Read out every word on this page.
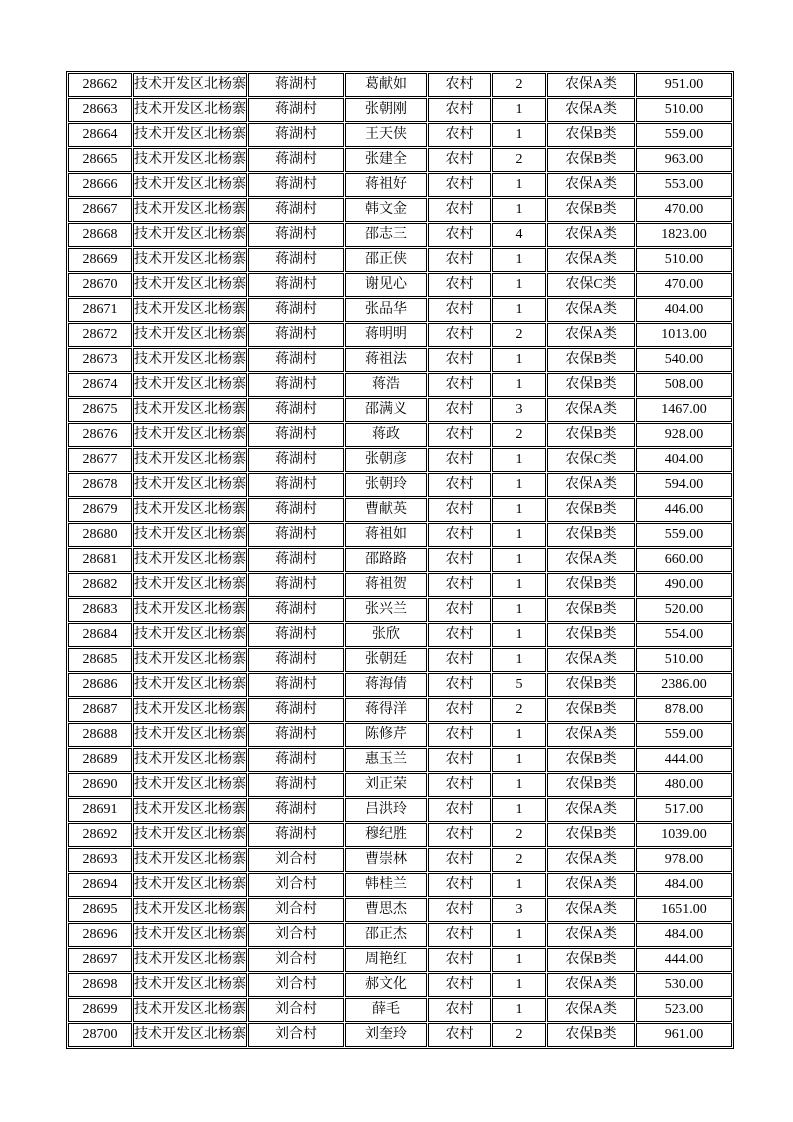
28662	技术开发区北杨寨	蒋湖村	葛献如	农村	2	农保A类	951.00
28663	技术开发区北杨寨	蒋湖村	张朝刚	农村	1	农保A类	510.00
28664	技术开发区北杨寨	蒋湖村	王天侠	农村	1	农保B类	559.00
28665	技术开发区北杨寨	蒋湖村	张建全	农村	2	农保B类	963.00
28666	技术开发区北杨寨	蒋湖村	蒋祖好	农村	1	农保A类	553.00
28667	技术开发区北杨寨	蒋湖村	韩文金	农村	1	农保B类	470.00
28668	技术开发区北杨寨	蒋湖村	邵志三	农村	4	农保A类	1823.00
28669	技术开发区北杨寨	蒋湖村	邵正侠	农村	1	农保A类	510.00
28670	技术开发区北杨寨	蒋湖村	谢见心	农村	1	农保C类	470.00
28671	技术开发区北杨寨	蒋湖村	张品华	农村	1	农保A类	404.00
28672	技术开发区北杨寨	蒋湖村	蒋明明	农村	2	农保A类	1013.00
28673	技术开发区北杨寨	蒋湖村	蒋祖法	农村	1	农保B类	540.00
28674	技术开发区北杨寨	蒋湖村	蒋浩	农村	1	农保B类	508.00
28675	技术开发区北杨寨	蒋湖村	邵满义	农村	3	农保A类	1467.00
28676	技术开发区北杨寨	蒋湖村	蒋政	农村	2	农保B类	928.00
28677	技术开发区北杨寨	蒋湖村	张朝彦	农村	1	农保C类	404.00
28678	技术开发区北杨寨	蒋湖村	张朝玲	农村	1	农保A类	594.00
28679	技术开发区北杨寨	蒋湖村	曹献英	农村	1	农保B类	446.00
28680	技术开发区北杨寨	蒋湖村	蒋祖如	农村	1	农保B类	559.00
28681	技术开发区北杨寨	蒋湖村	邵路路	农村	1	农保A类	660.00
28682	技术开发区北杨寨	蒋湖村	蒋祖贺	农村	1	农保B类	490.00
28683	技术开发区北杨寨	蒋湖村	张兴兰	农村	1	农保B类	520.00
28684	技术开发区北杨寨	蒋湖村	张欣	农村	1	农保B类	554.00
28685	技术开发区北杨寨	蒋湖村	张朝廷	农村	1	农保A类	510.00
28686	技术开发区北杨寨	蒋湖村	蒋海倩	农村	5	农保B类	2386.00
28687	技术开发区北杨寨	蒋湖村	蒋得洋	农村	2	农保B类	878.00
28688	技术开发区北杨寨	蒋湖村	陈修芹	农村	1	农保A类	559.00
28689	技术开发区北杨寨	蒋湖村	惠玉兰	农村	1	农保B类	444.00
28690	技术开发区北杨寨	蒋湖村	刘正荣	农村	1	农保B类	480.00
28691	技术开发区北杨寨	蒋湖村	吕洪玲	农村	1	农保A类	517.00
28692	技术开发区北杨寨	蒋湖村	穆纪胜	农村	2	农保B类	1039.00
28693	技术开发区北杨寨	刘合村	曹崇林	农村	2	农保A类	978.00
28694	技术开发区北杨寨	刘合村	韩桂兰	农村	1	农保A类	484.00
28695	技术开发区北杨寨	刘合村	曹思杰	农村	3	农保A类	1651.00
28696	技术开发区北杨寨	刘合村	邵正杰	农村	1	农保A类	484.00
28697	技术开发区北杨寨	刘合村	周艳红	农村	1	农保B类	444.00
28698	技术开发区北杨寨	刘合村	郝文化	农村	1	农保A类	530.00
28699	技术开发区北杨寨	刘合村	薛毛	农村	1	农保A类	523.00
28700	技术开发区北杨寨	刘合村	刘奎玲	农村	2	农保B类	961.00
